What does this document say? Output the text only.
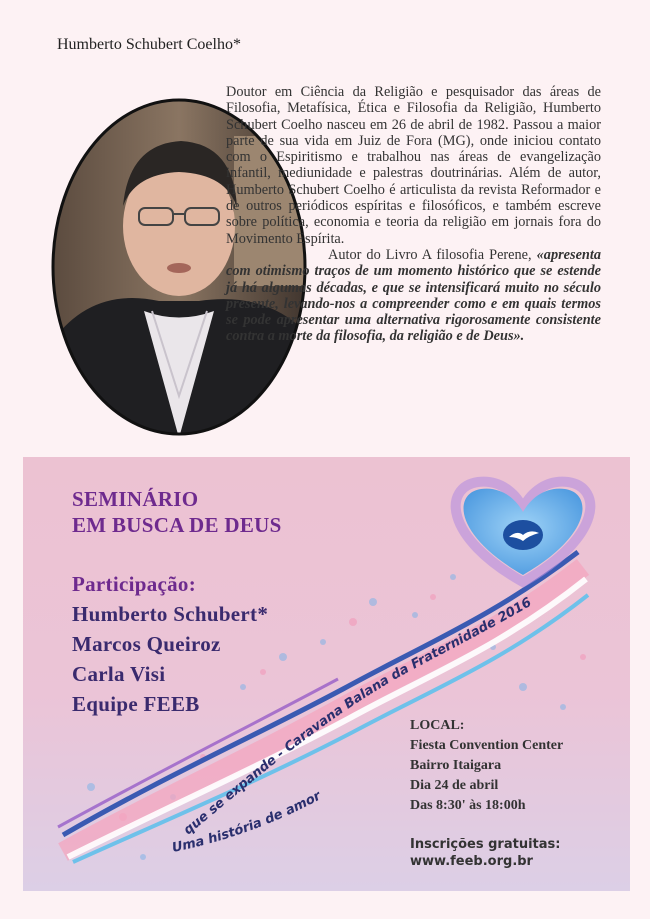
Humberto Schubert Coelho*

Doutor em Ciência da Religião e pesquisador das áreas de Filosofia, Metafísica, Ética e Filosofia da Religião, Humberto Schubert Coelho nasceu em 26 de abril de 1982. Passou a maior parte de sua vida em Juiz de Fora (MG), onde iniciou contato com o Espiritismo e trabalhou nas áreas de evangelização infantil, mediunidade e palestras doutrinárias. Além de autor, Humberto Schubert Coelho é articulista da revista Reformador e de outros periódicos espíritas e filosóficos, e também escreve sobre política, economia e teoria da religião em jornais fora do Movimento Espírita.

Autor do Livro A filosofia Perene, «apresenta com otimismo traços de um momento histórico que se estende já há algumas décadas, e que se intensificará muito no século presente, levando-nos a compreender como e em quais termos se pode apresentar uma alternativa rigorosamente consistente contra a morte da filosofia, da religião e de Deus».

que se expande - Caravana Balana da Fraternidade 2016
Uma história de amor
SEMINÁRIO
EM BUSCA DE DEUS
Participação:
Humberto Schubert*
Marcos Queiroz
Carla Visi
Equipe FEEB
LOCAL:
Fiesta Convention Center
Bairro Itaigara
Dia 24 de abril
Das 8:30' às 18:00h
Inscrições gratuitas:
www.feeb.org.br
